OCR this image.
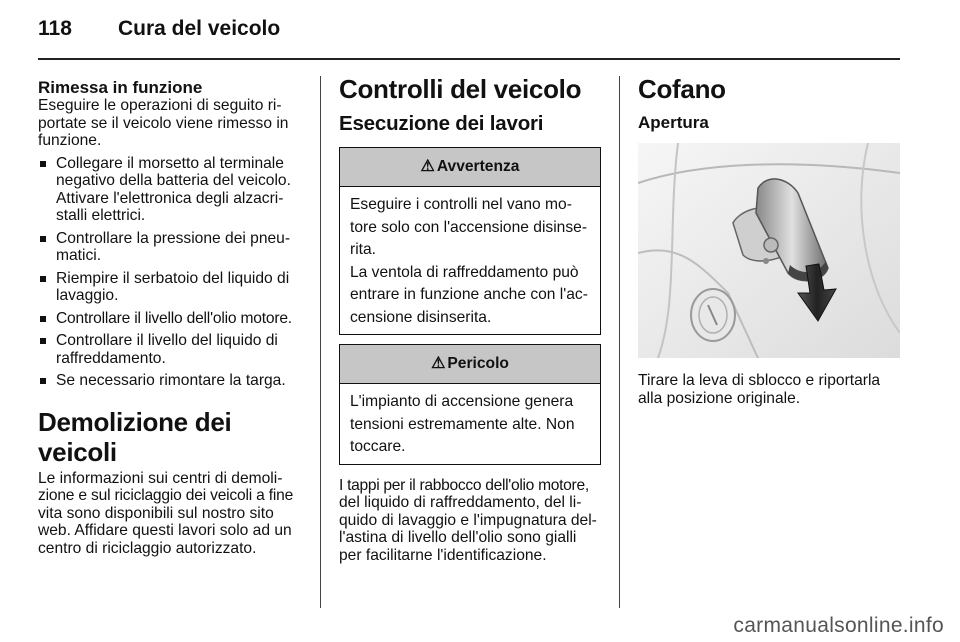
118 Cura del veicolo
Rimessa in funzione

Eseguire le operazioni di seguito ri-

portate se il veicolo viene rimesso in

funzione.

Collegare il morsetto al terminale

negativo della batteria del veicolo.

Attivare l'elettronica degli alzacri-

stalli elettrici.

Controllare la pressione dei pneu-

matici.

Riempire il serbatoio del liquido di

lavaggio.

Controllare il livello dell'olio motore.

Controllare il livello del liquido di

raffreddamento.

Se necessario rimontare la targa.

Demolizione dei veicoli

Le informazioni sui centri di demoli-

zione e sul riciclaggio dei veicoli a fine

vita sono disponibili sul nostro sito

web. Affidare questi lavori solo ad un

centro di riciclaggio autorizzato.

Controlli del veicolo
Esecuzione dei lavori
⚠ Avvertenza

Eseguire i controlli nel vano mo-

tore solo con l'accensione disinse-

rita.

La ventola di raffreddamento può

entrare in funzione anche con l'ac-

censione disinserita.

⚠ Pericolo

L'impianto di accensione genera

tensioni estremamente alte. Non

toccare.

I tappi per il rabbocco dell'olio motore,

del liquido di raffreddamento, del li-

quido di lavaggio e l'impugnatura del-

l'astina di livello dell'olio sono gialli

per facilitarne l'identificazione.

Cofano
Apertura

Tirare la leva di sblocco e riportarla

alla posizione originale.

carmanualsonline.info
